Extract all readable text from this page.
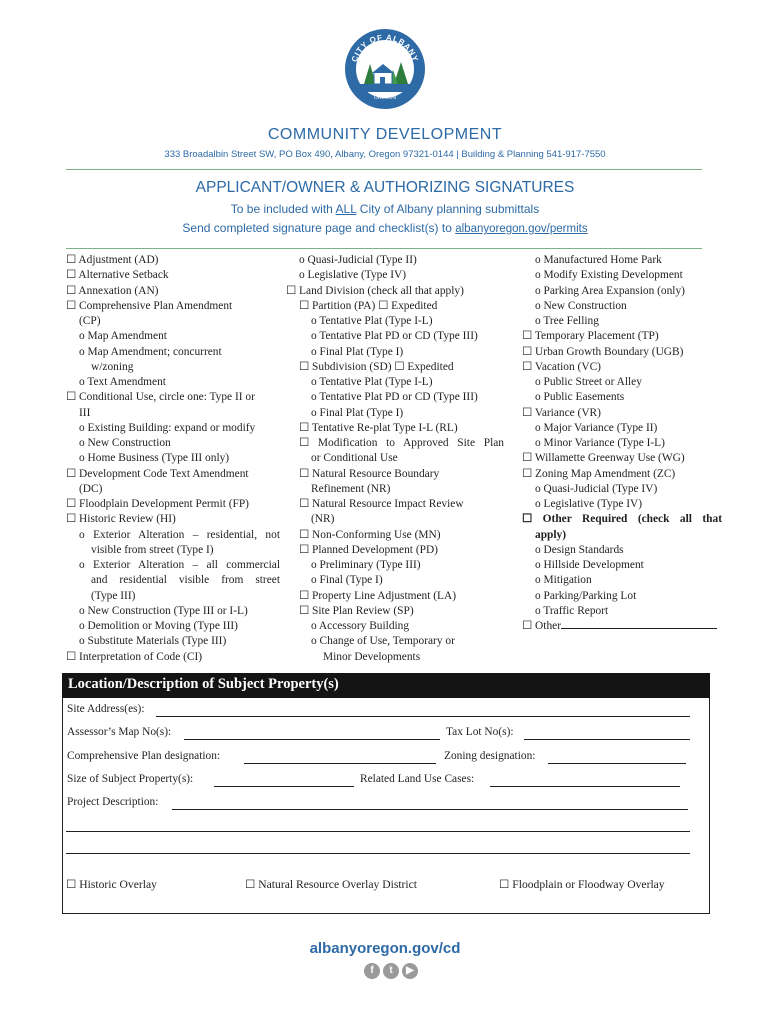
CITY OF ALBANY
OREGON
COMMUNITY DEVELOPMENT
333 Broadalbin Street SW, PO Box 490, Albany, Oregon 97321-0144 | Building & Planning 541-917-7550
APPLICANT/OWNER & AUTHORIZING SIGNATURES
To be included with ALL City of Albany planning submittals
Send completed signature page and checklist(s) to albanyoregon.gov/permits
☐ Adjustment (AD)
☐ Alternative Setback
☐ Annexation (AN)
☐ Comprehensive Plan Amendment
(CP)
o Map Amendment
o Map Amendment; concurrent
w/zoning
o Text Amendment
☐ Conditional Use, circle one: Type II or
III
o Existing Building: expand or modify
o New Construction
o Home Business (Type III only)
☐ Development Code Text Amendment
(DC)
☐ Floodplain Development Permit (FP)
☐ Historic Review (HI)
o Exterior Alteration – residential, not
visible from street (Type I)
o Exterior Alteration – all commercial
and residential visible from street
(Type III)
o New Construction (Type III or I-L)
o Demolition or Moving (Type III)
o Substitute Materials (Type III)
☐ Interpretation of Code (CI)
o Quasi-Judicial (Type II)
o Legislative (Type IV)
☐ Land Division (check all that apply)
☐ Partition (PA) ☐ Expedited
o Tentative Plat (Type I-L)
o Tentative Plat PD or CD (Type III)
o Final Plat (Type I)
☐ Subdivision (SD) ☐ Expedited
o Tentative Plat (Type I-L)
o Tentative Plat PD or CD (Type III)
o Final Plat (Type I)
☐ Tentative Re-plat Type I-L (RL)
☐ Modification to Approved Site Plan
or Conditional Use
☐ Natural Resource Boundary
Refinement (NR)
☐ Natural Resource Impact Review
(NR)
☐ Non-Conforming Use (MN)
☐ Planned Development (PD)
o Preliminary (Type III)
o Final (Type I)
☐ Property Line Adjustment (LA)
☐ Site Plan Review (SP)
o Accessory Building
o Change of Use, Temporary or
Minor Developments
o Manufactured Home Park
o Modify Existing Development
o Parking Area Expansion (only)
o New Construction
o Tree Felling
☐ Temporary Placement (TP)
☐ Urban Growth Boundary (UGB)
☐ Vacation (VC)
o Public Street or Alley
o Public Easements
☐ Variance (VR)
o Major Variance (Type II)
o Minor Variance (Type I-L)
☐ Willamette Greenway Use (WG)
☐ Zoning Map Amendment (ZC)
o Quasi-Judicial (Type IV)
o Legislative (Type IV)
☐ Other Required (check all that
apply)
o Design Standards
o Hillside Development
o Mitigation
o Parking/Parking Lot
o Traffic Report
☐ Other
Location/Description of Subject Property(s)
Site Address(es):
Assessor’s Map No(s):	Tax Lot No(s):
Comprehensive Plan designation:	Zoning designation:
Size of Subject Property(s):	Related Land Use Cases:
Project Description:
☐ Historic Overlay	☐ Natural Resource Overlay District	☐ Floodplain or Floodway Overlay
albanyoregon.gov/cd
f	t	▶
